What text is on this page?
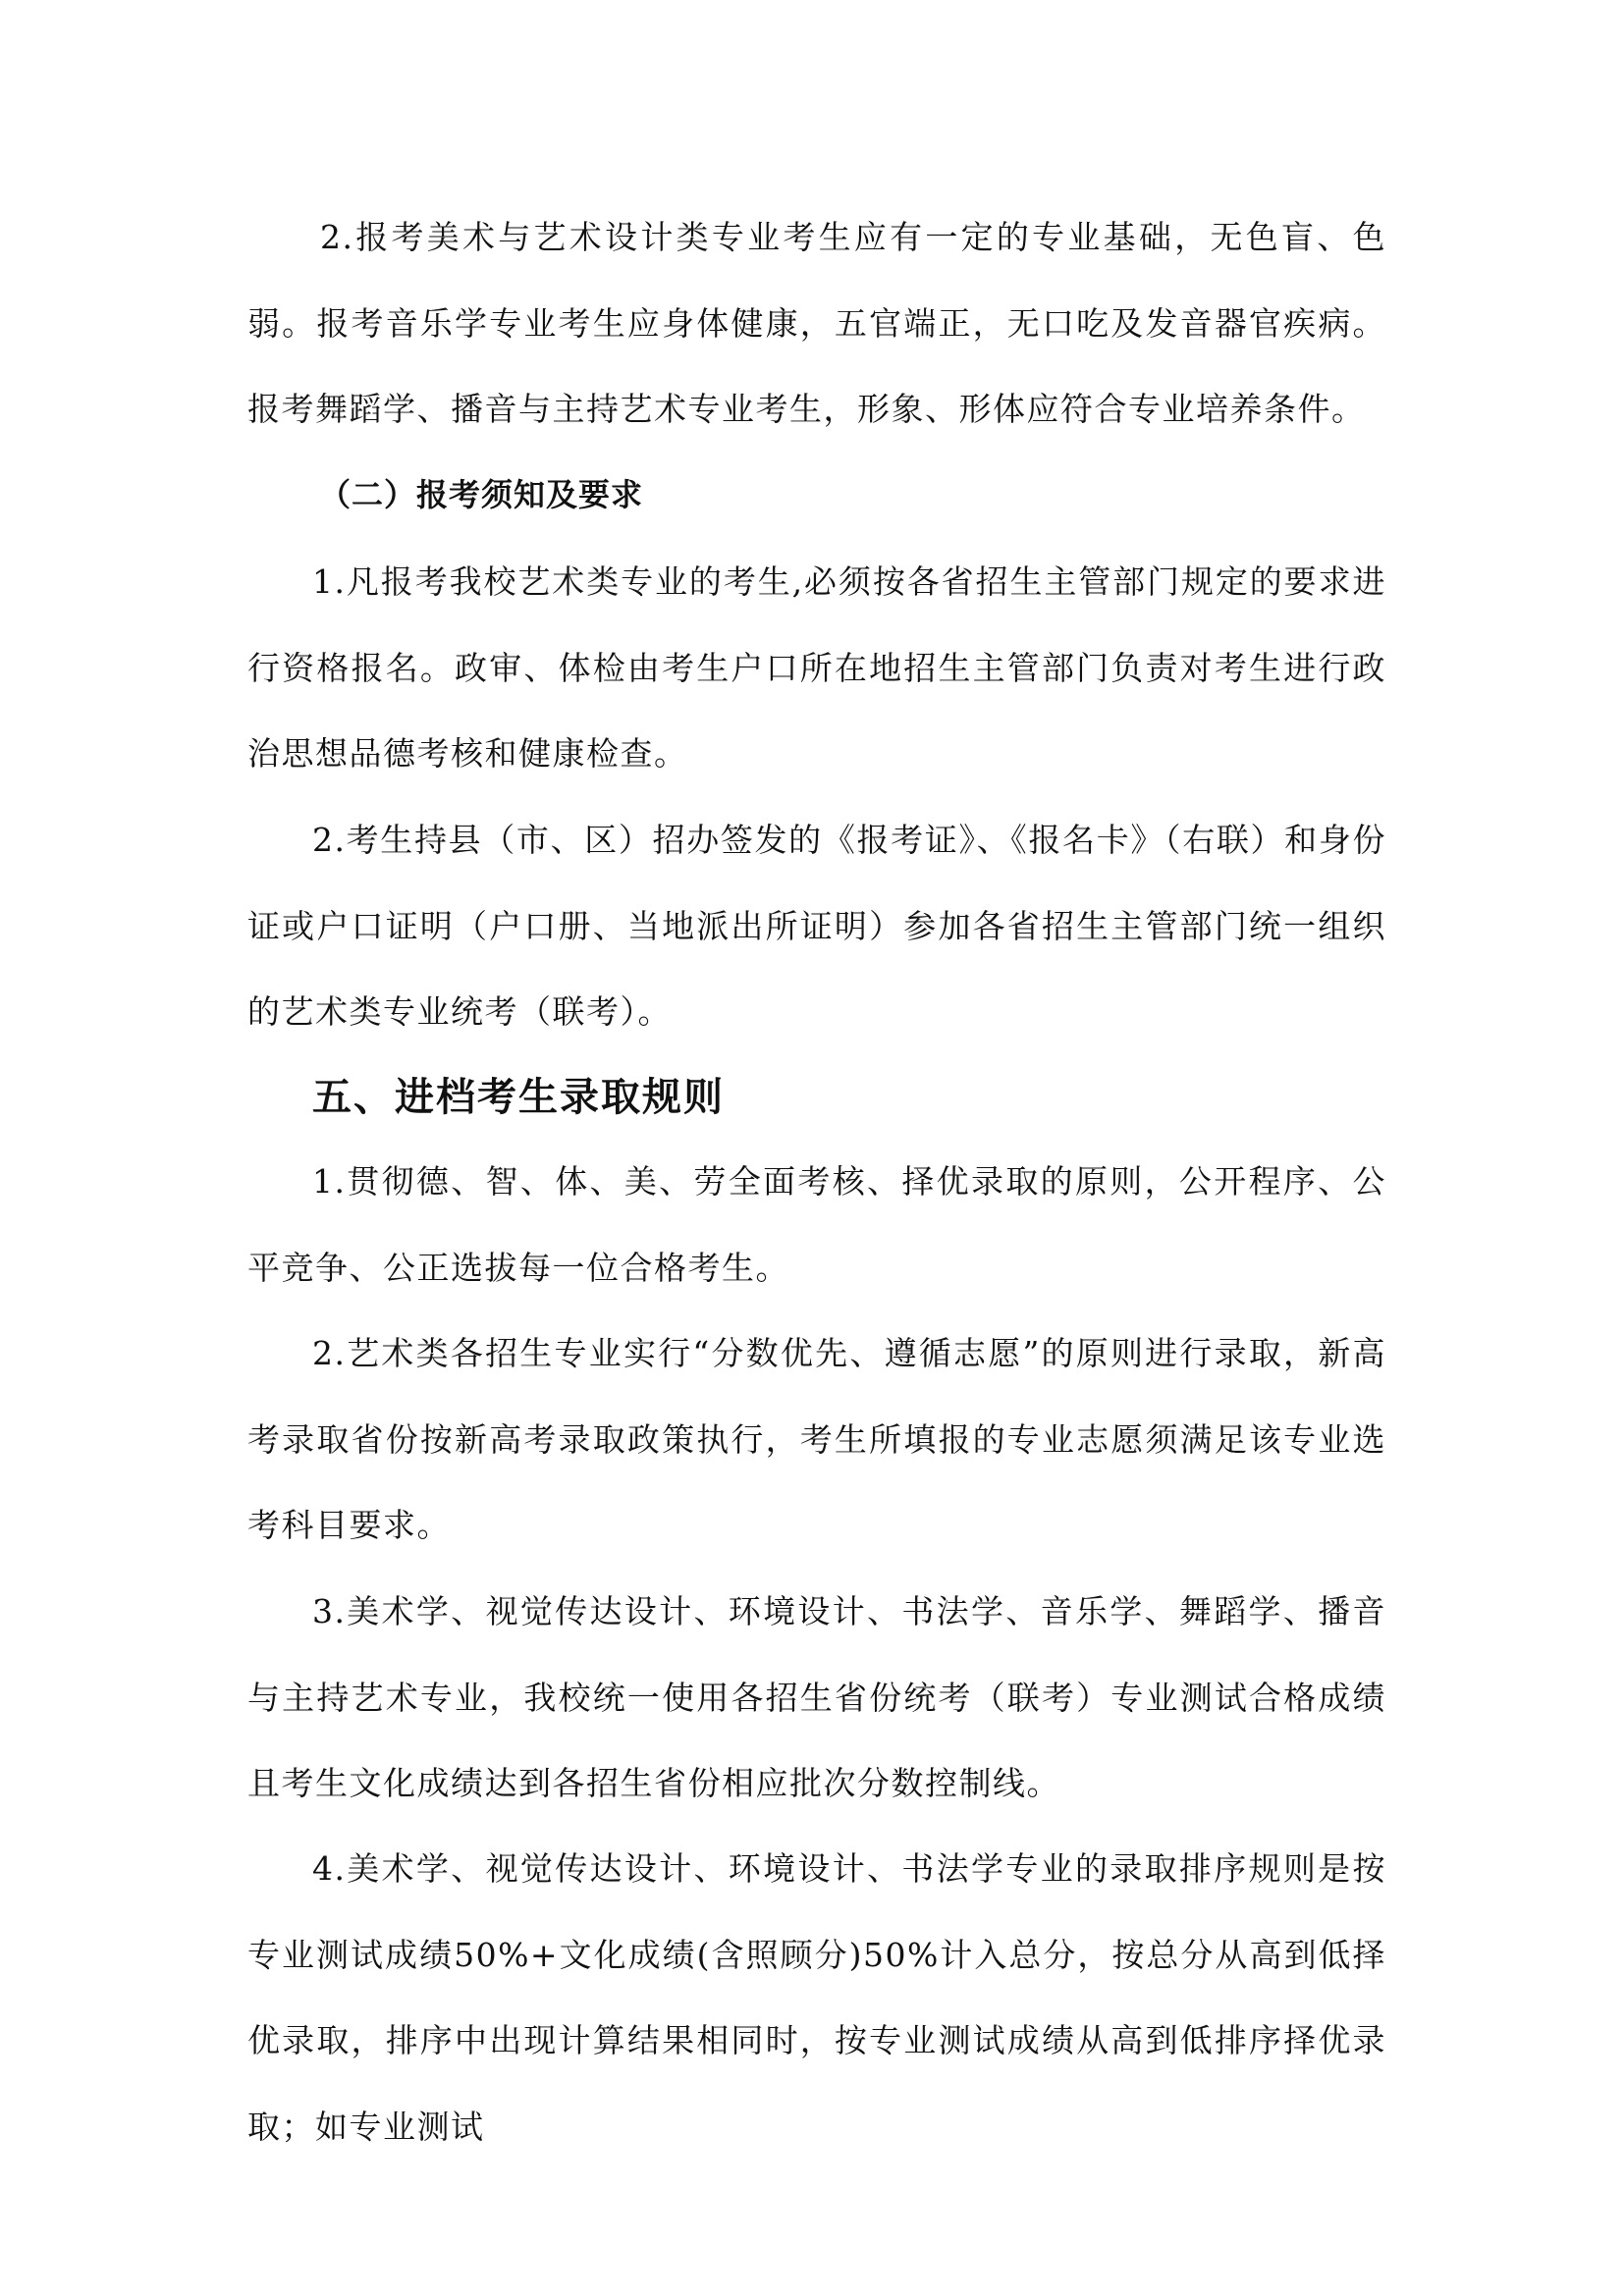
2.报考美术与艺术设计类专业考生应有一定的专业基础，无色盲、色弱。报考音乐学专业考生应身体健康，五官端正，无口吃及发音器官疾病。报考舞蹈学、播音与主持艺术专业考生，形象、形体应符合专业培养条件。

（二）报考须知及要求

1.凡报考我校艺术类专业的考生,必须按各省招生主管部门规定的要求进行资格报名。政审、体检由考生户口所在地招生主管部门负责对考生进行政治思想品德考核和健康检查。

2.考生持县（市、区）招办签发的《报考证》、《报名卡》（右联）和身份证或户口证明（户口册、当地派出所证明）参加各省招生主管部门统一组织的艺术类专业统考（联考）。

五、进档考生录取规则

1.贯彻德、智、体、美、劳全面考核、择优录取的原则，公开程序、公平竞争、公正选拔每一位合格考生。

2.艺术类各招生专业实行“分数优先、遵循志愿”的原则进行录取，新高考录取省份按新高考录取政策执行，考生所填报的专业志愿须满足该专业选考科目要求。

3.美术学、视觉传达设计、环境设计、书法学、音乐学、舞蹈学、播音与主持艺术专业，我校统一使用各招生省份统考（联考）专业测试合格成绩且考生文化成绩达到各招生省份相应批次分数控制线。

4.美术学、视觉传达设计、环境设计、书法学专业的录取排序规则是按专业测试成绩50%+文化成绩(含照顾分)50%计入总分，按总分从高到低择优录取，排序中出现计算结果相同时，按专业测试成绩从高到低排序择优录取；如专业测试
